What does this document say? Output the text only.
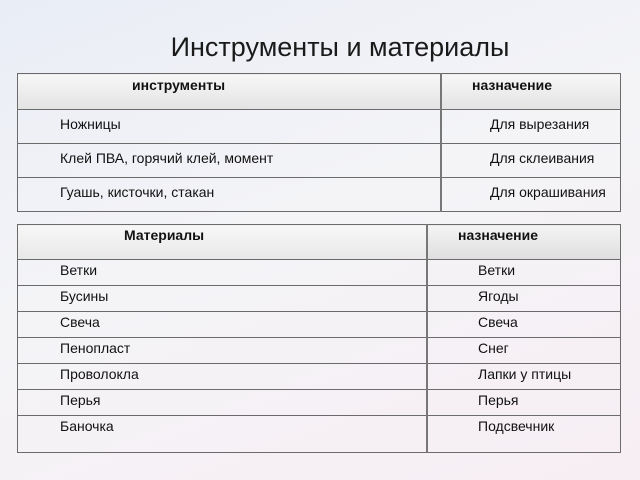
Инструменты и материалы
инструменты	назначение

Ножницы	Для вырезания

Клей ПВА, горячий клей, момент	Для склеивания

Гуашь, кисточки, стакан	Для окрашивания
Материалы	назначение

Ветки	Ветки

Бусины	Ягоды

Свеча	Свеча

Пенопласт	Снег

Проволокла	Лапки у птицы

Перья	Перья

Баночка	Подсвечник
